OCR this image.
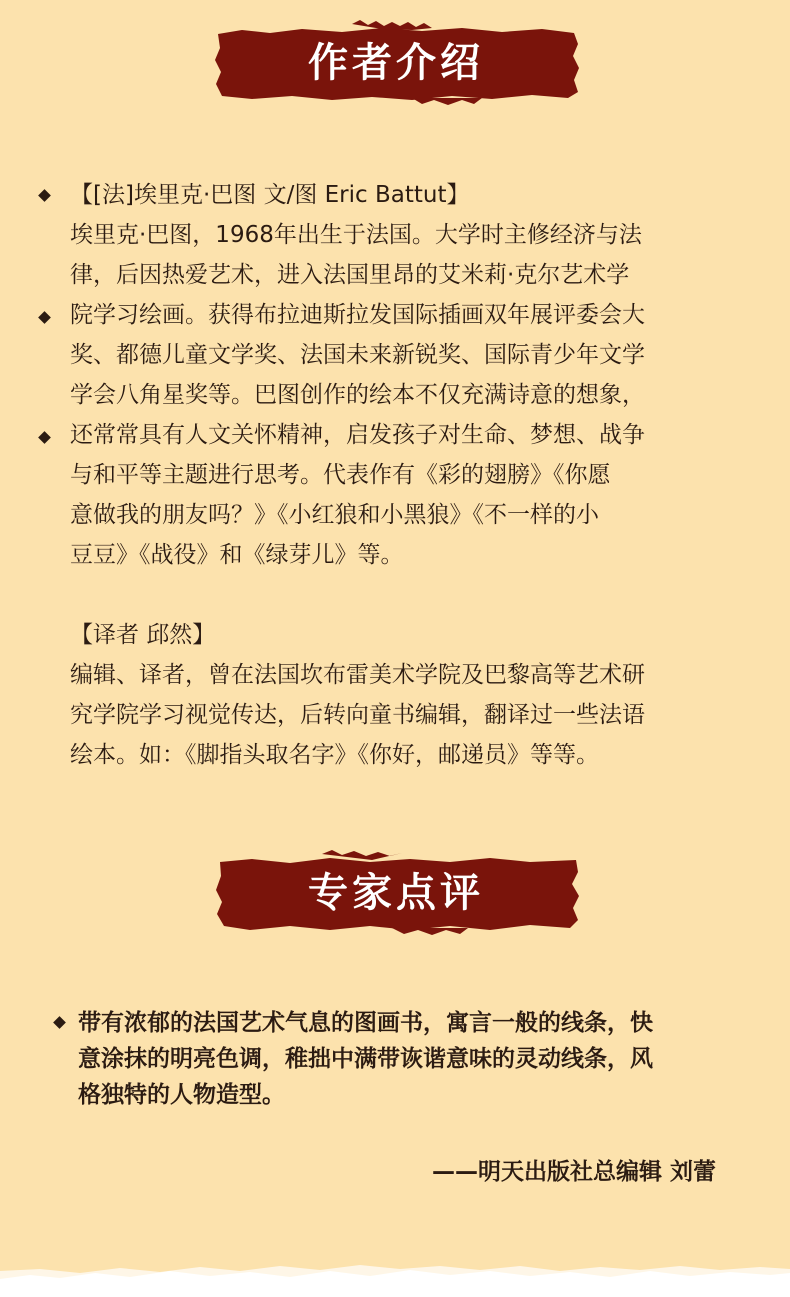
作者介绍
【[法]埃里克·巴图 文/图 Eric Battut】
埃里克·巴图，1968年出生于法国。大学时主修经济与法
律，后因热爱艺术，进入法国里昂的艾米莉·克尔艺术学
院学习绘画。获得布拉迪斯拉发国际插画双年展评委会大
奖、都德儿童文学奖、法国未来新锐奖、国际青少年文学
学会八角星奖等。巴图创作的绘本不仅充满诗意的想象，
还常常具有人文关怀精神，启发孩子对生命、梦想、战争
与和平等主题进行思考。代表作有《彩的翅膀》《你愿
意做我的朋友吗？》《小红狼和小黑狼》《不一样的小
豆豆》《战役》和《绿芽儿》等。
【译者 邱然】
编辑、译者，曾在法国坎布雷美术学院及巴黎高等艺术研
究学院学习视觉传达，后转向童书编辑，翻译过一些法语
绘本。如：《脚指头取名字》《你好，邮递员》等等。
专家点评
带有浓郁的法国艺术气息的图画书，寓言一般的线条，快
意涂抹的明亮色调，稚拙中满带诙谐意味的灵动线条，风
格独特的人物造型。
——明天出版社总编辑 刘蕾
